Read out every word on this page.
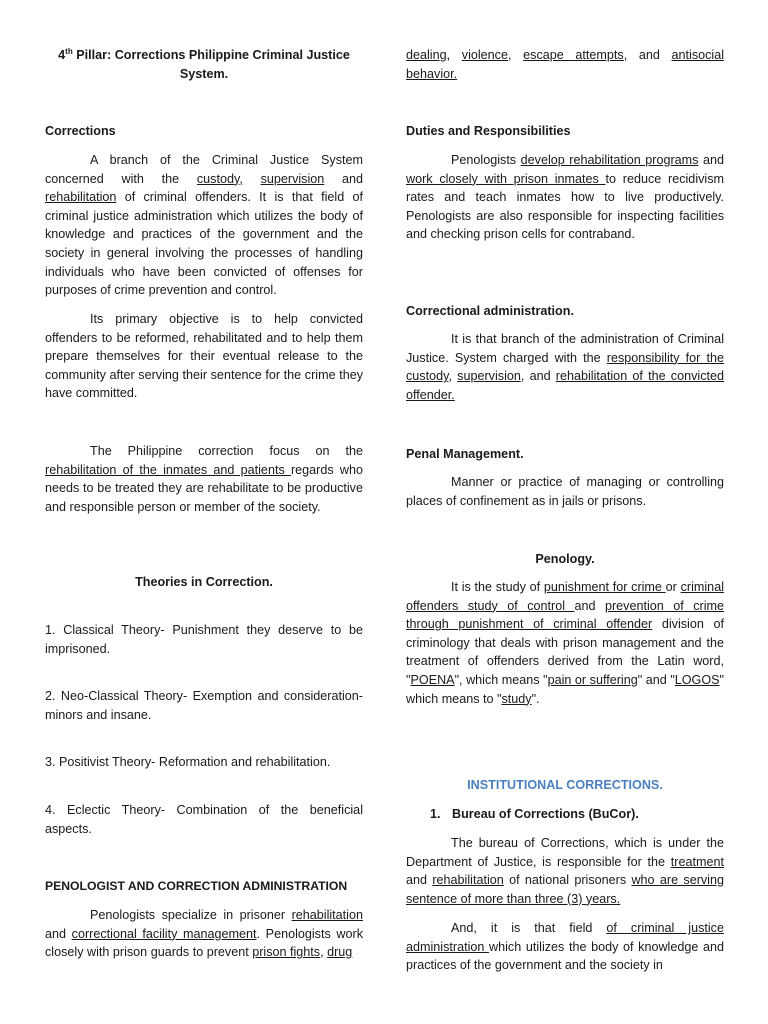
4th Pillar: Corrections Philippine Criminal Justice
System.

Corrections

A branch of the Criminal Justice System concerned with the custody, supervision and rehabilitation of criminal offenders. It is that field of criminal justice administration which utilizes the body of knowledge and practices of the government and the society in general involving the processes of handling individuals who have been convicted of offenses for purposes of crime prevention and control.

Its primary objective is to help convicted offenders to be reformed, rehabilitated and to help them prepare themselves for their eventual release to the community after serving their sentence for the crime they have committed.

The Philippine correction focus on the rehabilitation of the inmates and patients regards who needs to be treated they are rehabilitate to be productive and responsible person or member of the society.

Theories in Correction.

1. Classical Theory- Punishment they deserve to be imprisoned.

2. Neo-Classical Theory- Exemption and consideration- minors and insane.

3. Positivist Theory- Reformation and rehabilitation.

4. Eclectic Theory- Combination of the beneficial aspects.

PENOLOGIST AND CORRECTION ADMINISTRATION

Penologists specialize in prisoner rehabilitation and correctional facility management. Penologists work closely with prison guards to prevent prison fights, drug

dealing, violence, escape attempts, and antisocial behavior.

Duties and Responsibilities

Penologists develop rehabilitation programs and work closely with prison inmates to reduce recidivism rates and teach inmates how to live productively. Penologists are also responsible for inspecting facilities and checking prison cells for contraband.

Correctional administration.

It is that branch of the administration of Criminal Justice. System charged with the responsibility for the custody, supervision, and rehabilitation of the convicted offender.

Penal Management.

Manner or practice of managing or controlling places of confinement as in jails or prisons.

Penology.

It is the study of punishment for crime or criminal offenders study of control and prevention of crime through punishment of criminal offender division of criminology that deals with prison management and the treatment of offenders derived from the Latin word, "POENA", which means "pain or suffering" and "LOGOS" which means to "study".

INSTITUTIONAL CORRECTIONS.

1. Bureau of Corrections (BuCor).

The bureau of Corrections, which is under the Department of Justice, is responsible for the treatment and rehabilitation of national prisoners who are serving sentence of more than three (3) years.

And, it is that field of criminal justice administration which utilizes the body of knowledge and practices of the government and the society in
